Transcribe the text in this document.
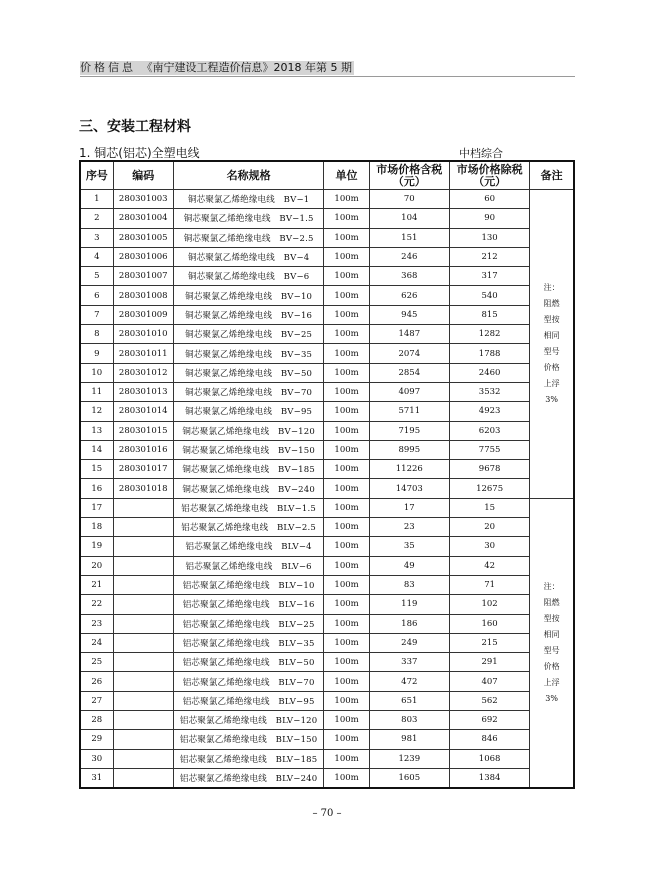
价格信息 《南宁建设工程造价信息》2018 年第 5 期
三、安装工程材料
1. 铜芯(铝芯)全塑电线	中档综合
序号	编码	名称规格	单位	市场价格含税（元）	市场价格除税（元）	备注
1	280301003	铜芯聚氯乙烯绝缘电线　BV−1	100m	70	60	注：阻燃型按相同型号价格上浮3%
2	280301004	铜芯聚氯乙烯绝缘电线　BV−1.5	100m	104	90	
3	280301005	铜芯聚氯乙烯绝缘电线　BV−2.5	100m	151	130	
4	280301006	铜芯聚氯乙烯绝缘电线　BV−4	100m	246	212	
5	280301007	铜芯聚氯乙烯绝缘电线　BV−6	100m	368	317	
6	280301008	铜芯聚氯乙烯绝缘电线　BV−10	100m	626	540	
7	280301009	铜芯聚氯乙烯绝缘电线　BV−16	100m	945	815	
8	280301010	铜芯聚氯乙烯绝缘电线　BV−25	100m	1487	1282	
9	280301011	铜芯聚氯乙烯绝缘电线　BV−35	100m	2074	1788	
10	280301012	铜芯聚氯乙烯绝缘电线　BV−50	100m	2854	2460	
11	280301013	铜芯聚氯乙烯绝缘电线　BV−70	100m	4097	3532	
12	280301014	铜芯聚氯乙烯绝缘电线　BV−95	100m	5711	4923	
13	280301015	铜芯聚氯乙烯绝缘电线　BV−120	100m	7195	6203	
14	280301016	铜芯聚氯乙烯绝缘电线　BV−150	100m	8995	7755	
15	280301017	铜芯聚氯乙烯绝缘电线　BV−185	100m	11226	9678	
16	280301018	铜芯聚氯乙烯绝缘电线　BV−240	100m	14703	12675	
17		铝芯聚氯乙烯绝缘电线　BLV−1.5	100m	17	15	注：阻燃型按相同型号价格上浮3%
18		铝芯聚氯乙烯绝缘电线　BLV−2.5	100m	23	20	
19		铝芯聚氯乙烯绝缘电线　BLV−4	100m	35	30	
20		铝芯聚氯乙烯绝缘电线　BLV−6	100m	49	42	
21		铝芯聚氯乙烯绝缘电线　BLV−10	100m	83	71	
22		铝芯聚氯乙烯绝缘电线　BLV−16	100m	119	102	
23		铝芯聚氯乙烯绝缘电线　BLV−25	100m	186	160	
24		铝芯聚氯乙烯绝缘电线　BLV−35	100m	249	215	
25		铝芯聚氯乙烯绝缘电线　BLV−50	100m	337	291	
26		铝芯聚氯乙烯绝缘电线　BLV−70	100m	472	407	
27		铝芯聚氯乙烯绝缘电线　BLV−95	100m	651	562	
28		铝芯聚氯乙烯绝缘电线　BLV−120	100m	803	692	
29		铝芯聚氯乙烯绝缘电线　BLV−150	100m	981	846	
30		铝芯聚氯乙烯绝缘电线　BLV−185	100m	1239	1068	
31		铝芯聚氯乙烯绝缘电线　BLV−240	100m	1605	1384	
– 70 –
